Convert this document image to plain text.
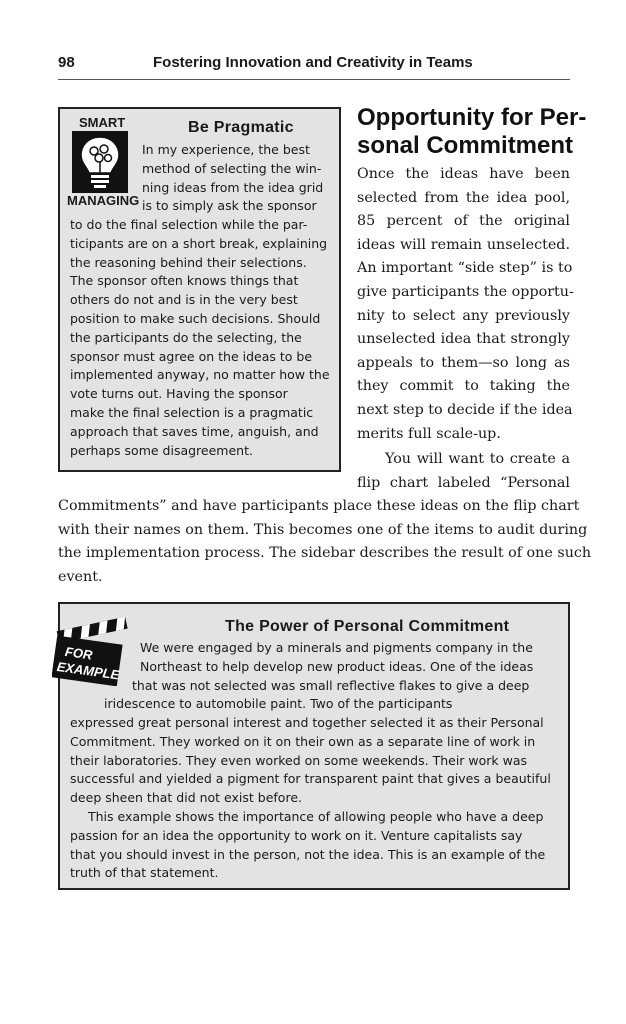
98	Fostering Innovation and Creativity in Teams
SMART
MANAGING
Be Pragmatic
In my experience, the best
method of selecting the win-
ning ideas from the idea grid
is to simply ask the sponsor
to do the final selection while the par-
ticipants are on a short break, explaining
the reasoning behind their selections.
The sponsor often knows things that
others do not and is in the very best
position to make such decisions. Should
the participants do the selecting, the
sponsor must agree on the ideas to be
implemented anyway, no matter how the
vote turns out. Having the sponsor
make the final selection is a pragmatic
approach that saves time, anguish, and
perhaps some disagreement.
Opportunity for Per-
sonal Commitment
Once the ideas have been
selected from the idea pool,
85 percent of the original
ideas will remain unselected.
An important “side step” is to
give participants the opportu-
nity to select any previously
unselected idea that strongly
appeals to them—so long as
they commit to taking the
next step to decide if the idea
merits full scale-up.
You will want to create a
flip chart labeled “Personal
Commitments” and have participants place these ideas on the flip chart
with their names on them. This becomes one of the items to audit during
the implementation process. The sidebar describes the result of one such
event.
FOR
EXAMPLE
The Power of Personal Commitment
We were engaged by a minerals and pigments company in the
Northeast to help develop new product ideas. One of the ideas
that was not selected was small reflective flakes to give a deep
iridescence to automobile paint. Two of the participants
expressed great personal interest and together selected it as their Personal
Commitment. They worked on it on their own as a separate line of work in
their laboratories. They even worked on some weekends. Their work was
successful and yielded a pigment for transparent paint that gives a beautiful
deep sheen that did not exist before.
This example shows the importance of allowing people who have a deep
passion for an idea the opportunity to work on it. Venture capitalists say
that you should invest in the person, not the idea. This is an example of the
truth of that statement.
